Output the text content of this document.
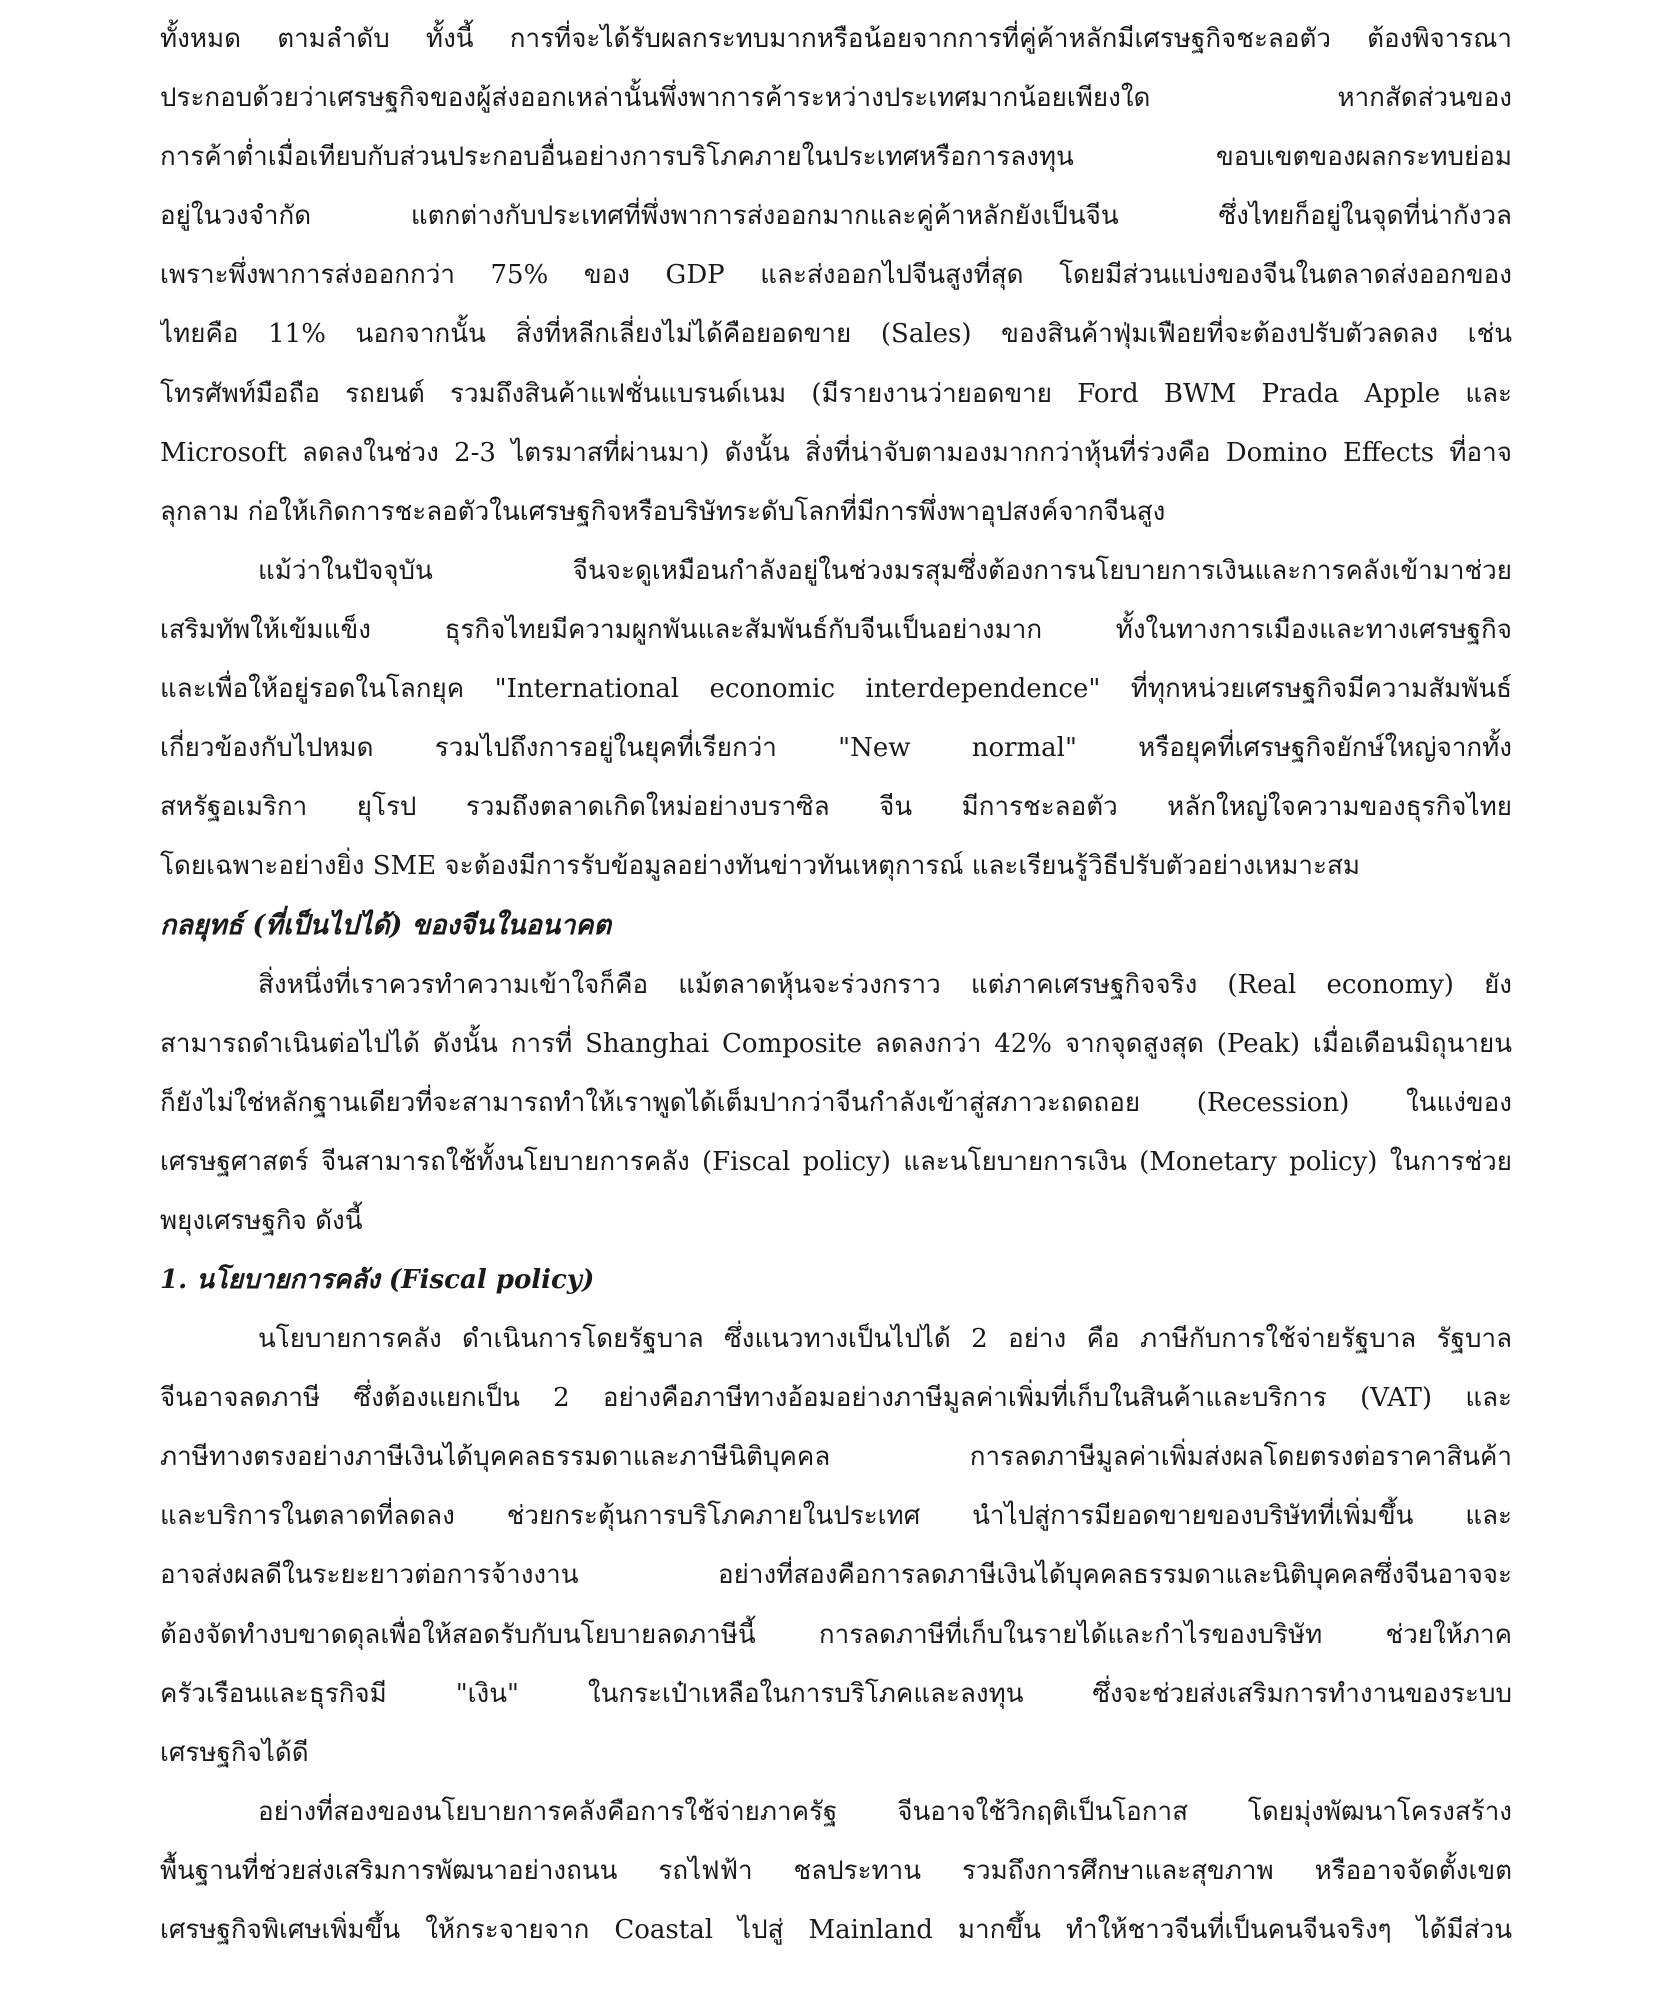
ทั้งหมด ตามลำดับ ทั้งนี้ การที่จะได้รับผลกระทบมากหรือน้อยจากการที่คู่ค้าหลักมีเศรษฐกิจชะลอตัว ต้องพิจารณา
ประกอบด้วยว่าเศรษฐกิจของผู้ส่งออกเหล่านั้นพึ่งพาการค้าระหว่างประเทศมากน้อยเพียงใด หากสัดส่วนของ
การค้าต่ำเมื่อเทียบกับส่วนประกอบอื่นอย่างการบริโภคภายในประเทศหรือการลงทุน ขอบเขตของผลกระทบย่อม
อยู่ในวงจำกัด แตกต่างกับประเทศที่พึ่งพาการส่งออกมากและคู่ค้าหลักยังเป็นจีน ซึ่งไทยก็อยู่ในจุดที่น่ากังวล
เพราะพึ่งพาการส่งออกกว่า 75% ของ GDP และส่งออกไปจีนสูงที่สุด โดยมีส่วนแบ่งของจีนในตลาดส่งออกของ
ไทยคือ 11% นอกจากนั้น สิ่งที่หลีกเลี่ยงไม่ได้คือยอดขาย (Sales) ของสินค้าฟุ่มเฟือยที่จะต้องปรับตัวลดลง เช่น
โทรศัพท์มือถือ รถยนต์ รวมถึงสินค้าแฟชั่นแบรนด์เนม (มีรายงานว่ายอดขาย Ford BWM Prada Apple และ
Microsoft ลดลงในช่วง 2-3 ไตรมาสที่ผ่านมา) ดังนั้น สิ่งที่น่าจับตามองมากกว่าหุ้นที่ร่วงคือ Domino Effects ที่อาจ
ลุกลาม ก่อให้เกิดการชะลอตัวในเศรษฐกิจหรือบริษัทระดับโลกที่มีการพึ่งพาอุปสงค์จากจีนสูง
แม้ว่าในปัจจุบัน จีนจะดูเหมือนกำลังอยู่ในช่วงมรสุมซึ่งต้องการนโยบายการเงินและการคลังเข้ามาช่วย
เสริมทัพให้เข้มแข็ง ธุรกิจไทยมีความผูกพันและสัมพันธ์กับจีนเป็นอย่างมาก ทั้งในทางการเมืองและทางเศรษฐกิจ
และเพื่อให้อยู่รอดในโลกยุค "International economic interdependence" ที่ทุกหน่วยเศรษฐกิจมีความสัมพันธ์
เกี่ยวข้องกับไปหมด รวมไปถึงการอยู่ในยุคที่เรียกว่า "New normal" หรือยุคที่เศรษฐกิจยักษ์ใหญ่จากทั้ง
สหรัฐอเมริกา ยุโรป รวมถึงตลาดเกิดใหม่อย่างบราซิล จีน มีการชะลอตัว หลักใหญ่ใจความของธุรกิจไทย
โดยเฉพาะอย่างยิ่ง SME จะต้องมีการรับข้อมูลอย่างทันข่าวทันเหตุการณ์ และเรียนรู้วิธีปรับตัวอย่างเหมาะสม
กลยุทธ์ (ที่เป็นไปได้) ของจีนในอนาคต
สิ่งหนึ่งที่เราควรทำความเข้าใจก็คือ แม้ตลาดหุ้นจะร่วงกราว แต่ภาคเศรษฐกิจจริง (Real economy) ยัง
สามารถดำเนินต่อไปได้ ดังนั้น การที่ Shanghai Composite ลดลงกว่า 42% จากจุดสูงสุด (Peak) เมื่อเดือนมิถุนายน
ก็ยังไม่ใช่หลักฐานเดียวที่จะสามารถทำให้เราพูดได้เต็มปากว่าจีนกำลังเข้าสู่สภาวะถดถอย (Recession) ในแง่ของ
เศรษฐศาสตร์ จีนสามารถใช้ทั้งนโยบายการคลัง (Fiscal policy) และนโยบายการเงิน (Monetary policy) ในการช่วย
พยุงเศรษฐกิจ ดังนี้
1. นโยบายการคลัง (Fiscal policy)
นโยบายการคลัง ดำเนินการโดยรัฐบาล ซึ่งแนวทางเป็นไปได้ 2 อย่าง คือ ภาษีกับการใช้จ่ายรัฐบาล รัฐบาล
จีนอาจลดภาษี ซึ่งต้องแยกเป็น 2 อย่างคือภาษีทางอ้อมอย่างภาษีมูลค่าเพิ่มที่เก็บในสินค้าและบริการ (VAT) และ
ภาษีทางตรงอย่างภาษีเงินได้บุคคลธรรมดาและภาษีนิติบุคคล การลดภาษีมูลค่าเพิ่มส่งผลโดยตรงต่อราคาสินค้า
และบริการในตลาดที่ลดลง ช่วยกระตุ้นการบริโภคภายในประเทศ นำไปสู่การมียอดขายของบริษัทที่เพิ่มขึ้น และ
อาจส่งผลดีในระยะยาวต่อการจ้างงาน อย่างที่สองคือการลดภาษีเงินได้บุคคลธรรมดาและนิติบุคคลซึ่งจีนอาจจะ
ต้องจัดทำงบขาดดุลเพื่อให้สอดรับกับนโยบายลดภาษีนี้ การลดภาษีที่เก็บในรายได้และกำไรของบริษัท ช่วยให้ภาค
ครัวเรือนและธุรกิจมี "เงิน" ในกระเป๋าเหลือในการบริโภคและลงทุน ซึ่งจะช่วยส่งเสริมการทำงานของระบบ
เศรษฐกิจได้ดี
อย่างที่สองของนโยบายการคลังคือการใช้จ่ายภาครัฐ จีนอาจใช้วิกฤติเป็นโอกาส โดยมุ่งพัฒนาโครงสร้าง
พื้นฐานที่ช่วยส่งเสริมการพัฒนาอย่างถนน รถไฟฟ้า ชลประทาน รวมถึงการศึกษาและสุขภาพ หรืออาจจัดตั้งเขต
เศรษฐกิจพิเศษเพิ่มขึ้น ให้กระจายจาก Coastal ไปสู่ Mainland มากขึ้น ทำให้ชาวจีนที่เป็นคนจีนจริงๆ ได้มีส่วน
